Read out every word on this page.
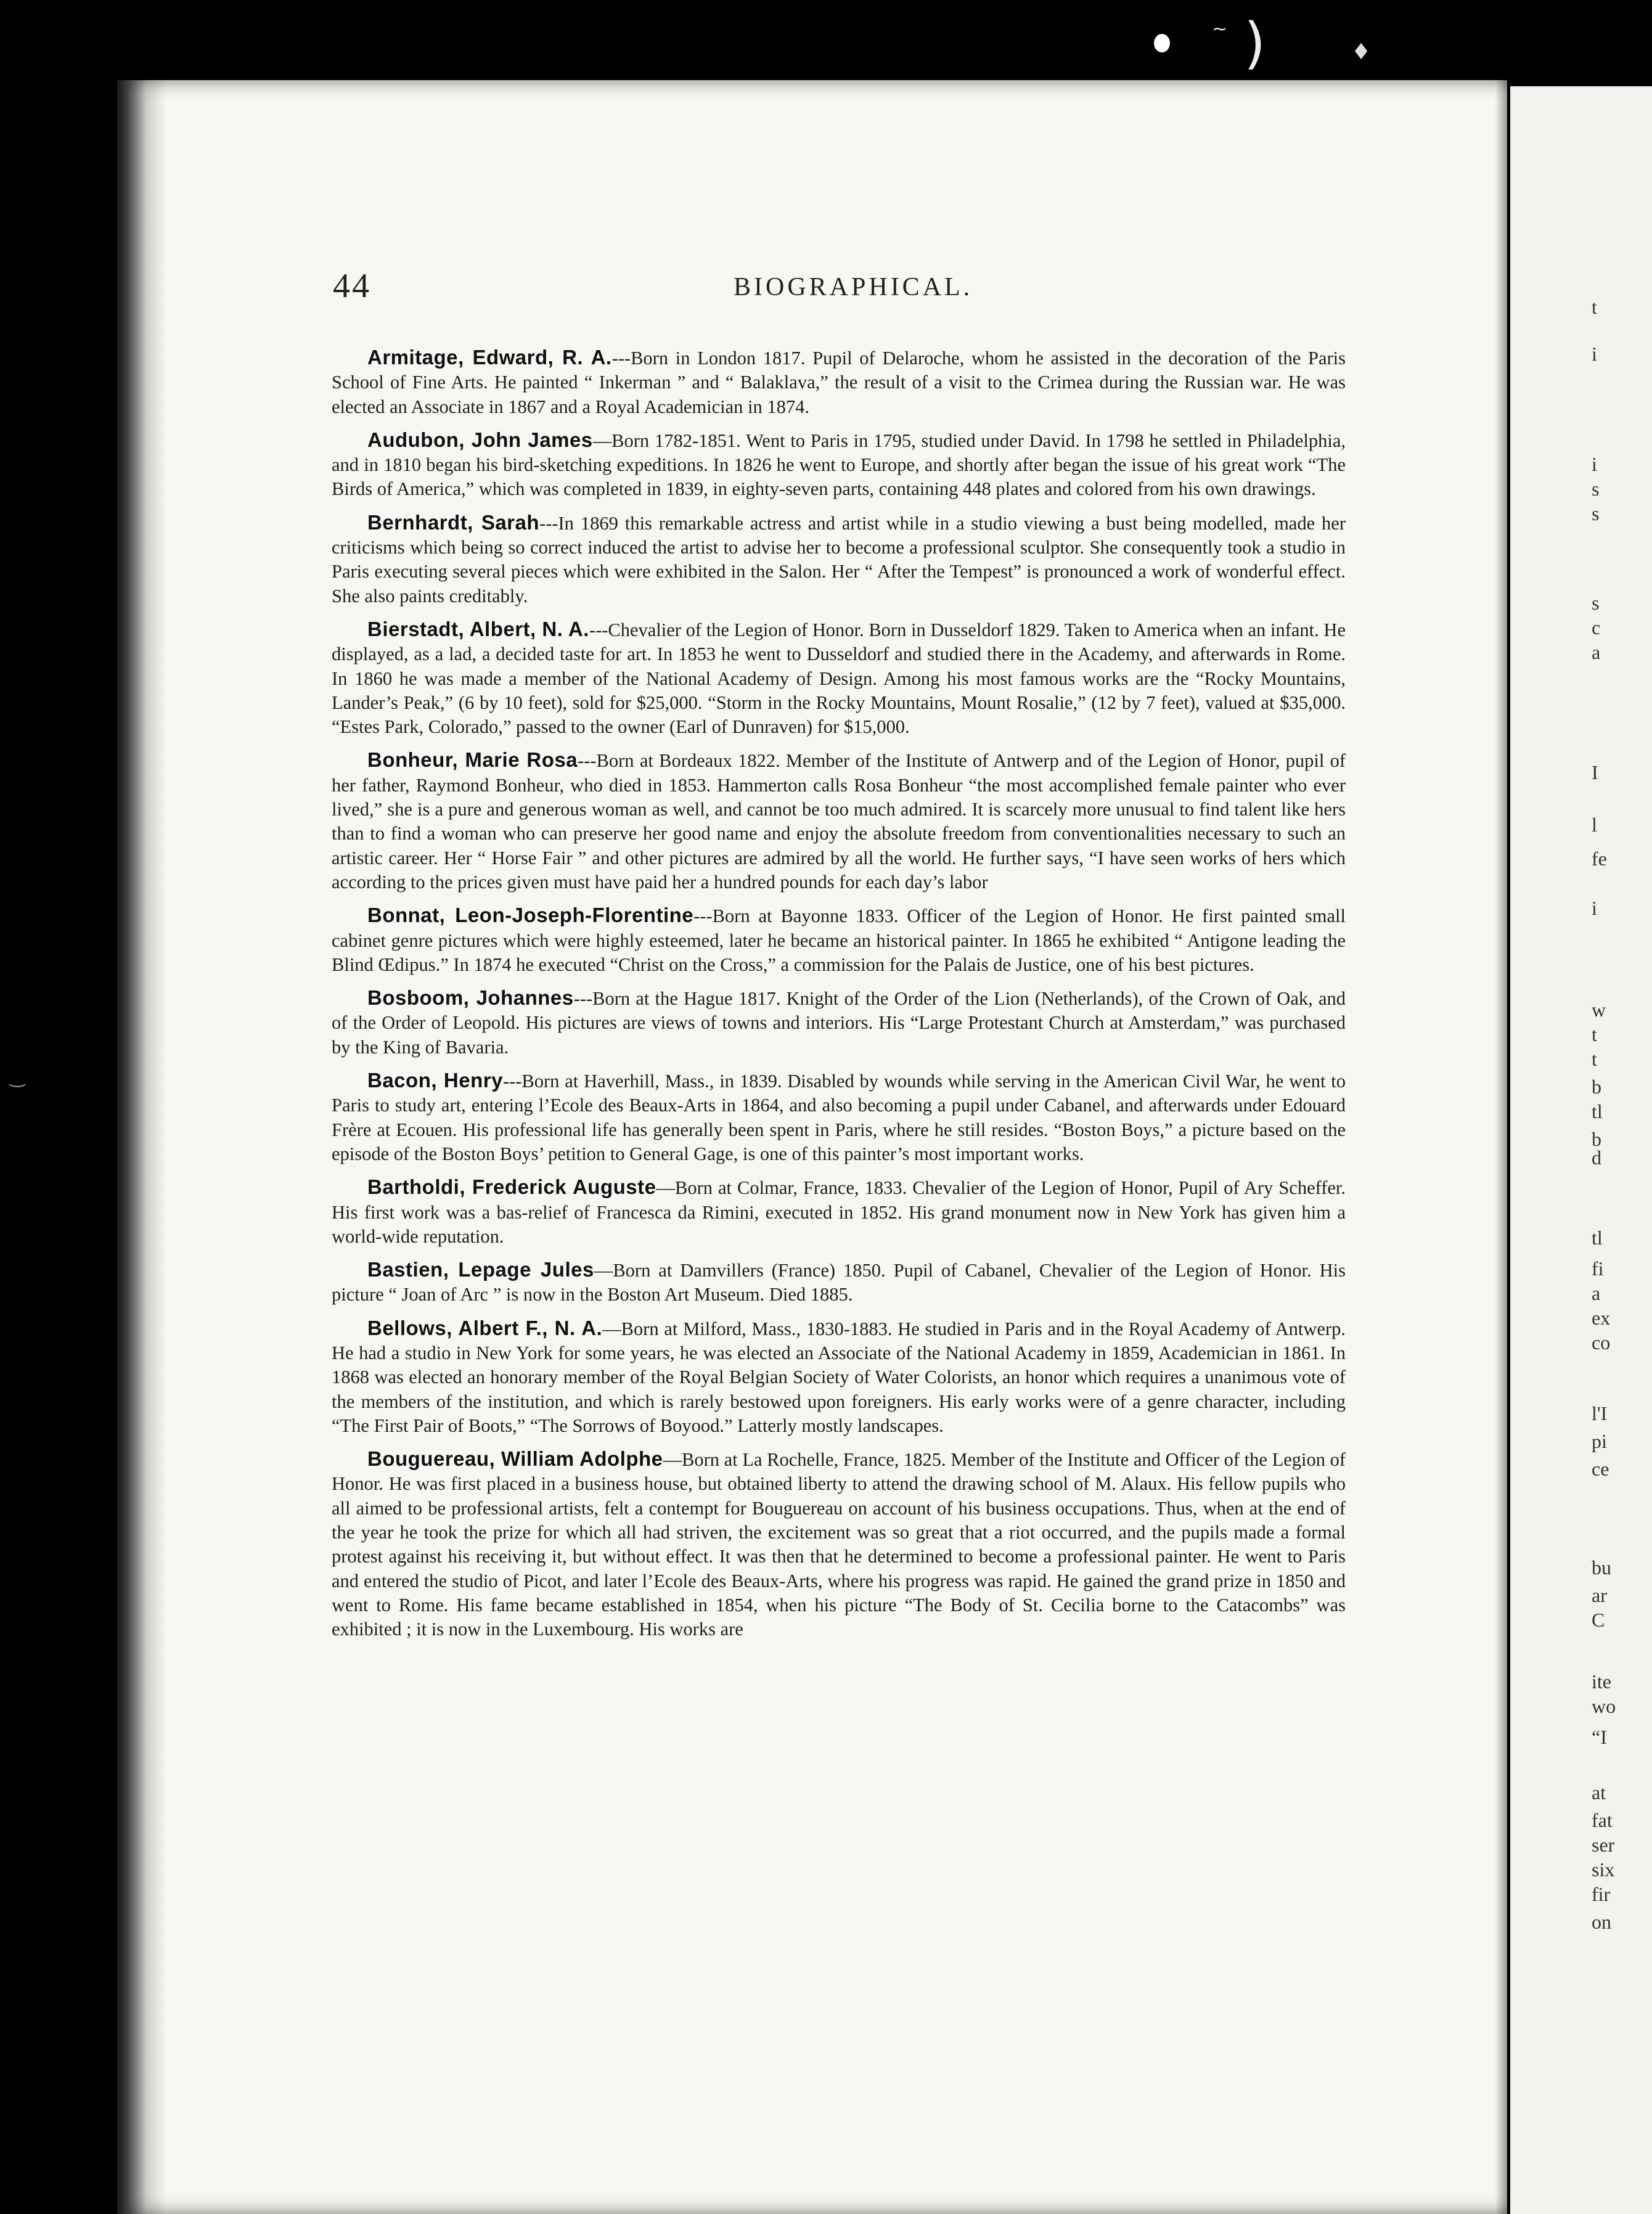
t
i
i
s
s
s
c
a
I
l
fe
i
w
t
t
b
tl
b
d
tl
fi
a
ex
co
l'I
pi
ce
bu
ar
C
ite
wo
“I
at
fat
ser
six
fir
on
~ )	♦
‿
44	BIOGRAPHICAL.

Armitage, Edward, R. A.---Born in London 1817. Pupil of Delaroche, whom he assisted in the decoration of the Paris School of Fine Arts. He painted “ Inkerman ” and “ Balaklava,” the result of a visit to the Crimea during the Russian war. He was elected an Associate in 1867 and a Royal Academician in 1874.

Audubon, John James—Born 1782-1851. Went to Paris in 1795, studied under David. In 1798 he settled in Philadelphia, and in 1810 began his bird-sketching expeditions. In 1826 he went to Europe, and shortly after began the issue of his great work “The Birds of America,” which was completed in 1839, in eighty-seven parts, containing 448 plates and colored from his own drawings.

Bernhardt, Sarah---In 1869 this remarkable actress and artist while in a studio viewing a bust being modelled, made her criticisms which being so correct induced the artist to advise her to become a professional sculptor. She consequently took a studio in Paris executing several pieces which were exhibited in the Salon. Her “ After the Tempest” is pronounced a work of wonderful effect. She also paints creditably.

Bierstadt, Albert, N. A.---Chevalier of the Legion of Honor. Born in Dusseldorf 1829. Taken to America when an infant. He displayed, as a lad, a decided taste for art. In 1853 he went to Dusseldorf and studied there in the Academy, and afterwards in Rome. In 1860 he was made a member of the National Academy of Design. Among his most famous works are the “Rocky Mountains, Lander’s Peak,” (6 by 10 feet), sold for $25,000. “Storm in the Rocky Mountains, Mount Rosalie,” (12 by 7 feet), valued at $35,000. “Estes Park, Colorado,” passed to the owner (Earl of Dunraven) for $15,000.

Bonheur, Marie Rosa---Born at Bordeaux 1822. Member of the Institute of Antwerp and of the Legion of Honor, pupil of her father, Raymond Bonheur, who died in 1853. Hammerton calls Rosa Bonheur “the most accomplished female painter who ever lived,” she is a pure and generous woman as well, and cannot be too much admired. It is scarcely more unusual to find talent like hers than to find a woman who can preserve her good name and enjoy the absolute freedom from conventionalities necessary to such an artistic career. Her “ Horse Fair ” and other pictures are admired by all the world. He further says, “I have seen works of hers which according to the prices given must have paid her a hundred pounds for each day’s labor

Bonnat, Leon-Joseph-Florentine---Born at Bayonne 1833. Officer of the Legion of Honor. He first painted small cabinet genre pictures which were highly esteemed, later he became an historical painter. In 1865 he exhibited “ Antigone leading the Blind Œdipus.” In 1874 he executed “Christ on the Cross,” a commission for the Palais de Justice, one of his best pictures.

Bosboom, Johannes---Born at the Hague 1817. Knight of the Order of the Lion (Netherlands), of the Crown of Oak, and of the Order of Leopold. His pictures are views of towns and interiors. His “Large Protestant Church at Amsterdam,” was purchased by the King of Bavaria.

Bacon, Henry---Born at Haverhill, Mass., in 1839. Disabled by wounds while serving in the American Civil War, he went to Paris to study art, entering l’Ecole des Beaux-Arts in 1864, and also becoming a pupil under Cabanel, and afterwards under Edouard Frère at Ecouen. His professional life has generally been spent in Paris, where he still resides. “Boston Boys,” a picture based on the episode of the Boston Boys’ petition to General Gage, is one of this painter’s most important works.

Bartholdi, Frederick Auguste—Born at Colmar, France, 1833. Chevalier of the Legion of Honor, Pupil of Ary Scheffer. His first work was a bas-relief of Francesca da Rimini, executed in 1852. His grand monument now in New York has given him a world-wide reputation.

Bastien, Lepage Jules—Born at Damvillers (France) 1850. Pupil of Cabanel, Chevalier of the Legion of Honor. His picture “ Joan of Arc ” is now in the Boston Art Museum. Died 1885.

Bellows, Albert F., N. A.—Born at Milford, Mass., 1830-1883. He studied in Paris and in the Royal Academy of Antwerp. He had a studio in New York for some years, he was elected an Associate of the National Academy in 1859, Academician in 1861. In 1868 was elected an honorary member of the Royal Belgian Society of Water Colorists, an honor which requires a unanimous vote of the members of the institution, and which is rarely bestowed upon foreigners. His early works were of a genre character, including “The First Pair of Boots,” “The Sorrows of Boyood.” Latterly mostly landscapes.

Bouguereau, William Adolphe—Born at La Rochelle, France, 1825. Member of the Institute and Officer of the Legion of Honor. He was first placed in a business house, but obtained liberty to attend the drawing school of M. Alaux. His fellow pupils who all aimed to be professional artists, felt a contempt for Bouguereau on account of his business occupations. Thus, when at the end of the year he took the prize for which all had striven, the excitement was so great that a riot occurred, and the pupils made a formal protest against his receiving it, but without effect. It was then that he determined to become a professional painter. He went to Paris and entered the studio of Picot, and later l’Ecole des Beaux-Arts, where his progress was rapid. He gained the grand prize in 1850 and went to Rome. His fame became established in 1854, when his picture “The Body of St. Cecilia borne to the Catacombs” was exhibited ; it is now in the Luxembourg. His works are
